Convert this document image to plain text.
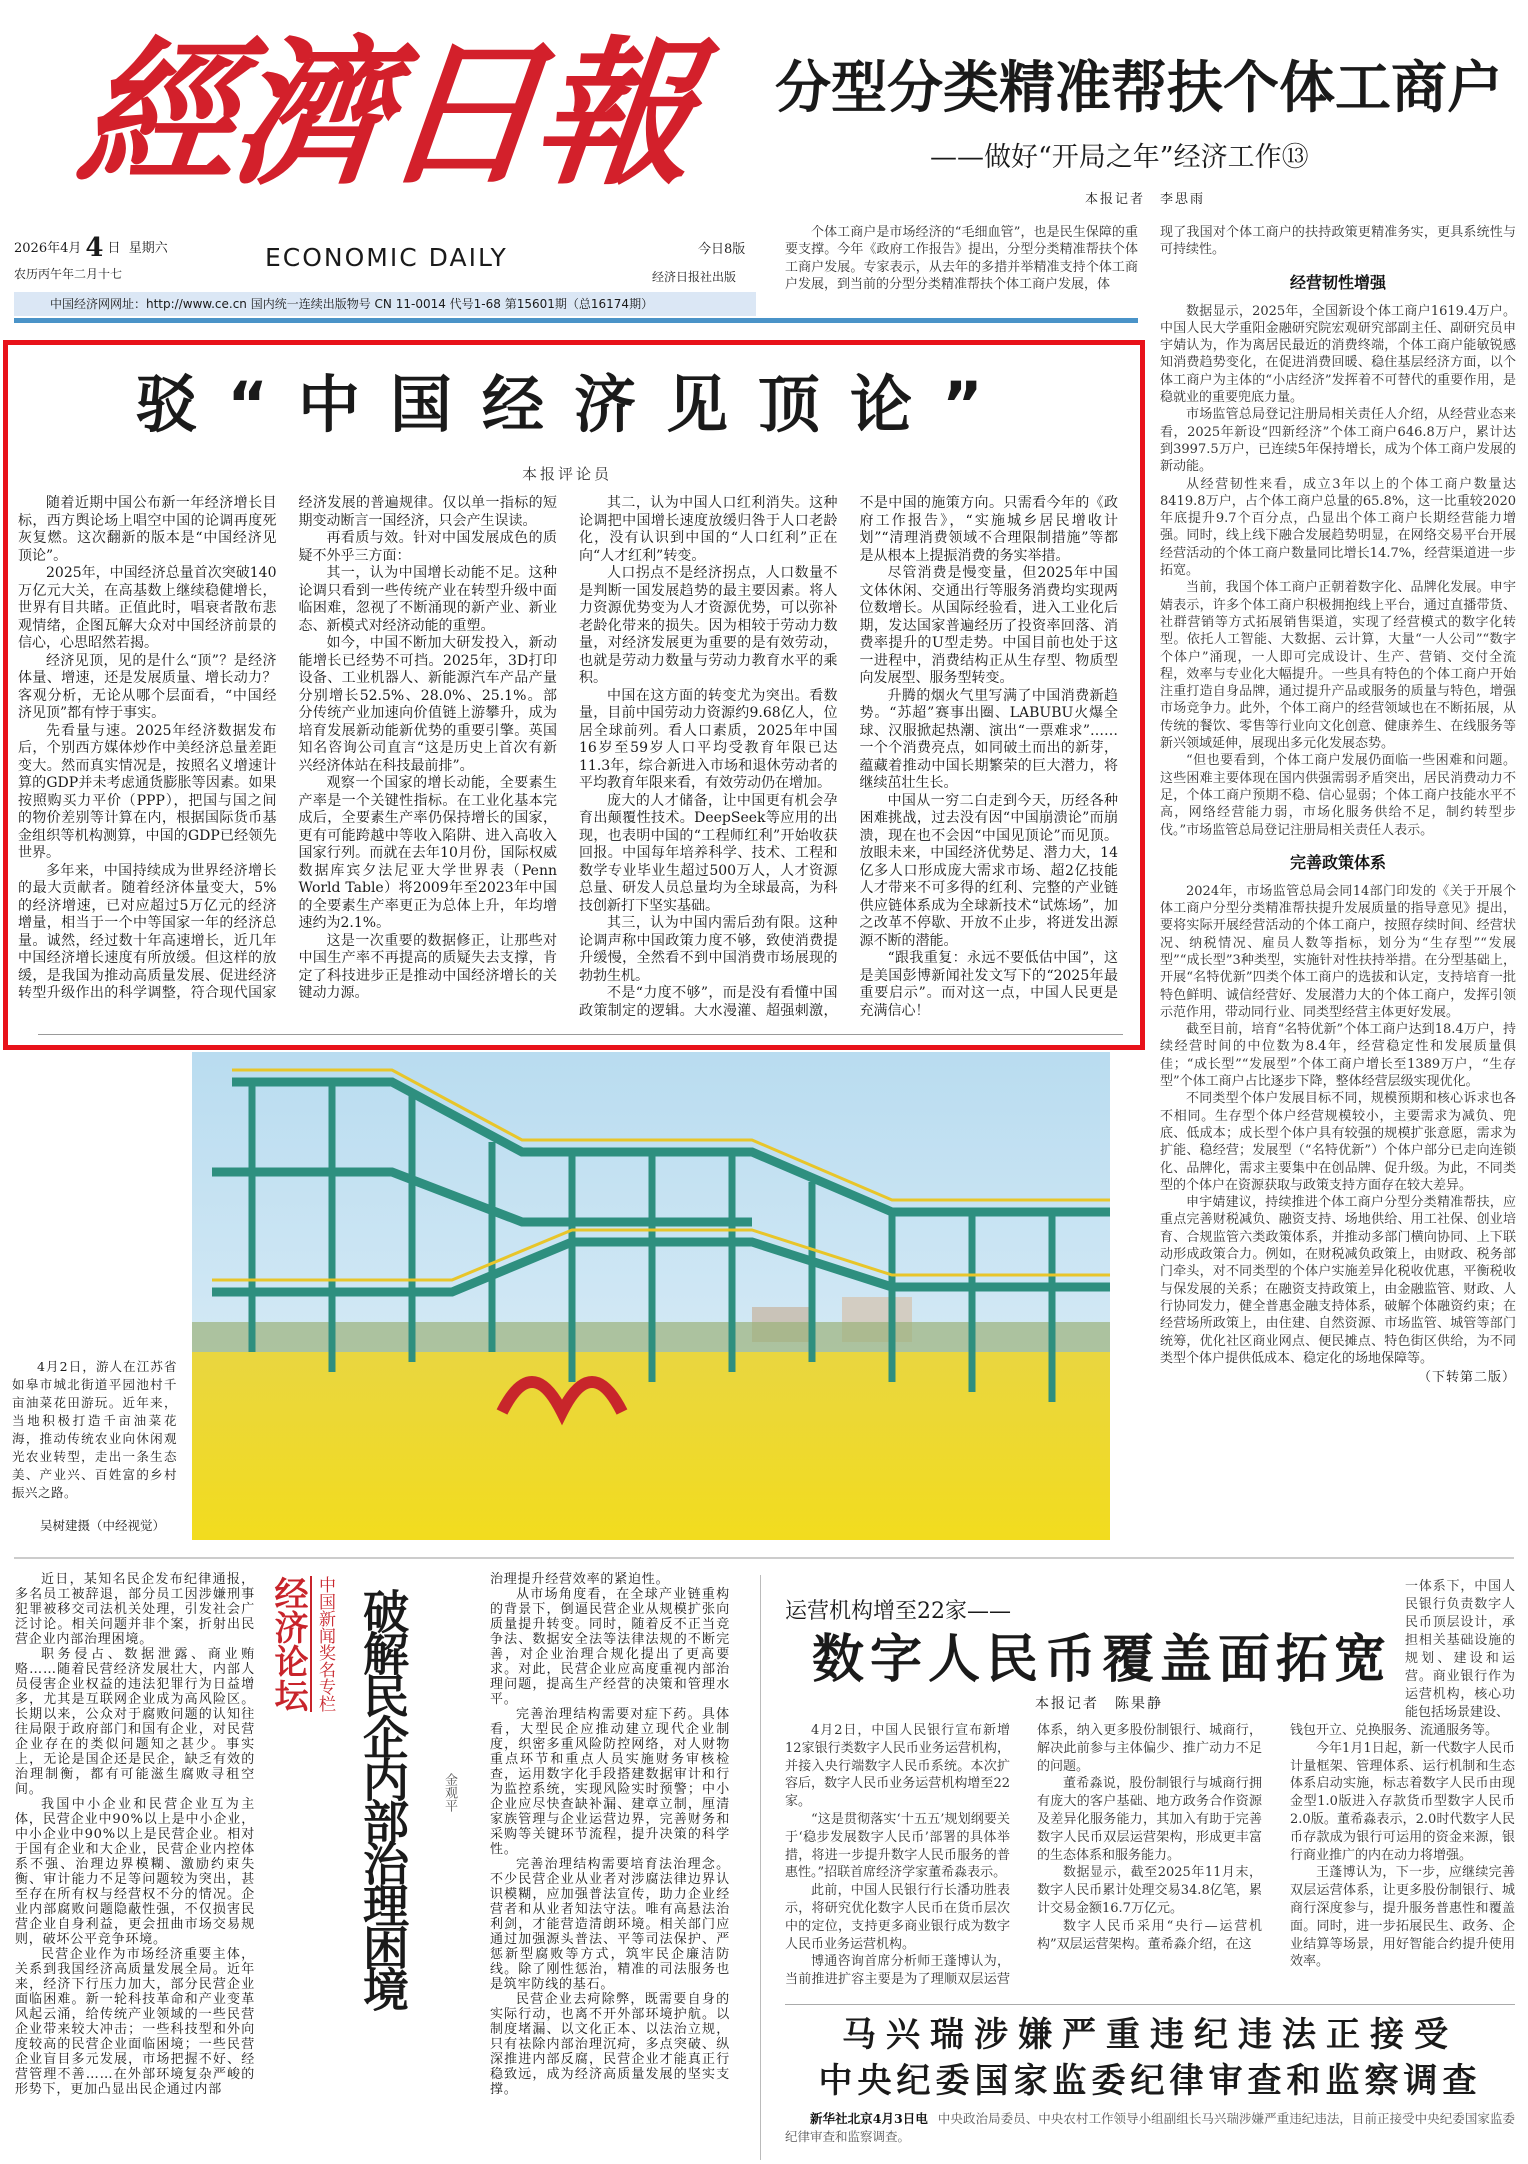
經濟日報
2026年4月 4 日 星期六
农历丙午年二月十七
ECONOMIC DAILY	今日8版
经济日报社出版
中国经济网网址：http://www.ce.cn 国内统一连续出版物号 CN 11-0014 代号1-68 第15601期（总16174期）
分型分类精准帮扶个体工商户
——做好“开局之年”经济工作⑬
本报记者　李思雨

个体工商户是市场经济的“毛细血管”，也是民生保障的重要支撑。今年《政府工作报告》提出，分型分类精准帮扶个体工商户发展。专家表示，从去年的多措并举精准支持个体工商户发展，到当前的分型分类精准帮扶个体工商户发展，体

现了我国对个体工商户的扶持政策更精准务实，更具系统性与可持续性。

经营韧性增强

数据显示，2025年，全国新设个体工商户1619.4万户。中国人民大学重阳金融研究院宏观研究部副主任、副研究员申宇婧认为，作为离居民最近的消费终端，个体工商户能敏锐感知消费趋势变化，在促进消费回暖、稳住基层经济方面，以个体工商户为主体的“小店经济”发挥着不可替代的重要作用，是稳就业的重要兜底力量。

市场监管总局登记注册局相关责任人介绍，从经营业态来看，2025年新设“四新经济”个体工商户646.8万户，累计达到3997.5万户，已连续5年保持增长，成为个体工商户发展的新动能。

从经营韧性来看，成立3年以上的个体工商户数量达8419.8万户，占个体工商户总量的65.8%，这一比重较2020年底提升9.7个百分点，凸显出个体工商户长期经营能力增强。同时，线上线下融合发展趋势明显，在网络交易平台开展经营活动的个体工商户数量同比增长14.7%，经营渠道进一步拓宽。

当前，我国个体工商户正朝着数字化、品牌化发展。申宇婧表示，许多个体工商户积极拥抱线上平台，通过直播带货、社群营销等方式拓展销售渠道，实现了经营模式的数字化转型。依托人工智能、大数据、云计算，大量“一人公司”“数字个体户”涌现，一人即可完成设计、生产、营销、交付全流程，效率与专业化大幅提升。一些具有特色的个体工商户开始注重打造自身品牌，通过提升产品或服务的质量与特色，增强市场竞争力。此外，个体工商户的经营领域也在不断拓展，从传统的餐饮、零售等行业向文化创意、健康养生、在线服务等新兴领域延伸，展现出多元化发展态势。

“但也要看到，个体工商户发展仍面临一些困难和问题。这些困难主要体现在国内供强需弱矛盾突出，居民消费动力不足，个体工商户预期不稳、信心显弱；个体工商户技能水平不高，网络经营能力弱，市场化服务供给不足，制约转型步伐。”市场监管总局登记注册局相关责任人表示。

完善政策体系

2024年，市场监管总局会同14部门印发的《关于开展个体工商户分型分类精准帮扶提升发展质量的指导意见》提出，要将实际开展经营活动的个体工商户，按照存续时间、经营状况、纳税情况、雇员人数等指标，划分为“生存型”“发展型”“成长型”3种类型，实施针对性扶持举措。在分型基础上，开展“名特优新”四类个体工商户的选拔和认定，支持培育一批特色鲜明、诚信经营好、发展潜力大的个体工商户，发挥引领示范作用，带动同行业、同类型经营主体更好发展。

截至目前，培育“名特优新”个体工商户达到18.4万户，持续经营时间的中位数为8.4年，经营稳定性和发展质量俱佳；“成长型”“发展型”个体工商户增长至1389万户，“生存型”个体工商户占比逐步下降，整体经营层级实现优化。

不同类型个体户发展目标不同，规模预期和核心诉求也各不相同。生存型个体户经营规模较小，主要需求为减负、兜底、低成本；成长型个体户具有较强的规模扩张意愿，需求为扩能、稳经营；发展型（“名特优新”）个体户部分已走向连锁化、品牌化，需求主要集中在创品牌、促升级。为此，不同类型的个体户在资源获取与政策支持方面存在较大差异。

申宇婧建议，持续推进个体工商户分型分类精准帮扶，应重点完善财税减负、融资支持、场地供给、用工社保、创业培育、合规监管六类政策体系，并推动多部门横向协同、上下联动形成政策合力。例如，在财税减负政策上，由财政、税务部门牵头，对不同类型的个体户实施差异化税收优惠，平衡税收与保发展的关系；在融资支持政策上，由金融监管、财政、人行协同发力，健全普惠金融支持体系，破解个体融资约束；在经营场所政策上，由住建、自然资源、市场监管、城管等部门统筹，优化社区商业网点、便民摊点、特色街区供给，为不同类型个体户提供低成本、稳定化的场地保障等。

（下转第二版）
驳“中国经济见顶论”
本报评论员

随着近期中国公布新一年经济增长目标，西方舆论场上唱空中国的论调再度死灰复燃。这次翻新的版本是“中国经济见顶论”。

2025年，中国经济总量首次突破140万亿元大关，在高基数上继续稳健增长，世界有目共睹。正值此时，唱衰者散布悲观情绪，企图瓦解大众对中国经济前景的信心，心思昭然若揭。

经济见顶，见的是什么“顶”？是经济体量、增速，还是发展质量、增长动力？客观分析，无论从哪个层面看，“中国经济见顶”都有悖于事实。

先看量与速。2025年经济数据发布后，个别西方媒体炒作中美经济总量差距变大。然而真实情况是，按照名义增速计算的GDP并未考虑通货膨胀等因素。如果按照购买力平价（PPP），把国与国之间的物价差别等计算在内，根据国际货币基金组织等机构测算，中国的GDP已经领先世界。

多年来，中国持续成为世界经济增长的最大贡献者。随着经济体量变大，5%的经济增速，已对应超过5万亿元的经济增量，相当于一个中等国家一年的经济总量。诚然，经过数十年高速增长，近几年中国经济增长速度有所放缓。但这样的放缓，是我国为推动高质量发展、促进经济转型升级作出的科学调整，符合现代国家经济发展的普遍规律。仅以单一指标的短期变动断言一国经济，只会产生误读。

再看质与效。针对中国发展成色的质疑不外乎三方面：

其一，认为中国增长动能不足。这种论调只看到一些传统产业在转型升级中面临困难，忽视了不断涌现的新产业、新业态、新模式对经济动能的重塑。

如今，中国不断加大研发投入，新动能增长已经势不可挡。2025年，3D打印设备、工业机器人、新能源汽车产品产量分别增长52.5%、28.0%、25.1%。部分传统产业加速向价值链上游攀升，成为培育发展新动能新优势的重要引擎。英国知名咨询公司直言“这是历史上首次有新兴经济体站在科技最前排”。

观察一个国家的增长动能，全要素生产率是一个关键性指标。在工业化基本完成后，全要素生产率仍保持增长的国家，更有可能跨越中等收入陷阱、进入高收入国家行列。而就在去年10月份，国际权威数据库宾夕法尼亚大学世界表（Penn World Table）将2009年至2023年中国的全要素生产率更正为总体上升，年均增速约为2.1%。

这是一次重要的数据修正，让那些对中国生产率不再提高的质疑失去支撑，肯定了科技进步正是推动中国经济增长的关键动力源。

其二，认为中国人口红利消失。这种论调把中国增长速度放缓归咎于人口老龄化，没有认识到中国的“人口红利”正在向“人才红利”转变。

人口拐点不是经济拐点，人口数量不是判断一国发展趋势的最主要因素。将人力资源优势变为人才资源优势，可以弥补老龄化带来的损失。因为相较于劳动力数量，对经济发展更为重要的是有效劳动，也就是劳动力数量与劳动力教育水平的乘积。

中国在这方面的转变尤为突出。看数量，目前中国劳动力资源约9.68亿人，位居全球前列。看人口素质，2025年中国16岁至59岁人口平均受教育年限已达11.3年，综合新进入市场和退休劳动者的平均教育年限来看，有效劳动仍在增加。

庞大的人才储备，让中国更有机会孕育出颠覆性技术。DeepSeek等应用的出现，也表明中国的“工程师红利”开始收获回报。中国每年培养科学、技术、工程和数学专业毕业生超过500万人，人才资源总量、研发人员总量均为全球最高，为科技创新打下坚实基础。

其三，认为中国内需后劲有限。这种论调声称中国政策力度不够，致使消费提升缓慢，全然看不到中国消费市场展现的勃勃生机。

不是“力度不够”，而是没有看懂中国政策制定的逻辑。大水漫灌、超强刺激，不是中国的施策方向。只需看今年的《政府工作报告》，“实施城乡居民增收计划”“清理消费领域不合理限制措施”等都是从根本上提振消费的务实举措。

尽管消费是慢变量，但2025年中国文体休闲、交通出行等服务消费均实现两位数增长。从国际经验看，进入工业化后期，发达国家普遍经历了投资率回落、消费率提升的U型走势。中国目前也处于这一进程中，消费结构正从生存型、物质型向发展型、服务型转变。

升腾的烟火气里写满了中国消费新趋势。“苏超”赛事出圈、LABUBU火爆全球、汉服掀起热潮、演出“一票难求”……一个个消费亮点，如同破土而出的新芽，蕴藏着推动中国长期繁荣的巨大潜力，将继续茁壮生长。

中国从一穷二白走到今天，历经各种困难挑战，过去没有因“中国崩溃论”而崩溃，现在也不会因“中国见顶论”而见顶。放眼未来，中国经济优势足、潜力大，14亿多人口形成庞大需求市场、超2亿技能人才带来不可多得的红利、完整的产业链供应链体系成为全球新技术“试炼场”，加之改革不停歇、开放不止步，将迸发出源源不断的潜能。

“跟我重复：永远不要低估中国”，这是美国彭博新闻社发文写下的“2025年最重要启示”。而对这一点，中国人民更是充满信心！

4月2日，游人在江苏省如皋市城北街道平园池村千亩油菜花田游玩。近年来，当地积极打造千亩油菜花海，推动传统农业向休闲观光农业转型，走出一条生态美、产业兴、百姓富的乡村振兴之路。

吴树建摄（中经视觉）

近日，某知名民企发布纪律通报，多名员工被辞退，部分员工因涉嫌刑事犯罪被移交司法机关处理，引发社会广泛讨论。相关问题并非个案，折射出民营企业内部治理困境。

职务侵占、数据泄露、商业贿赂……随着民营经济发展壮大，内部人员侵害企业权益的违法犯罪行为日益增多，尤其是互联网企业成为高风险区。长期以来，公众对于腐败问题的认知往往局限于政府部门和国有企业，对民营企业存在的类似问题知之甚少。事实上，无论是国企还是民企，缺乏有效的治理制衡，都有可能滋生腐败寻租空间。

我国中小企业和民营企业互为主体，民营企业中90%以上是中小企业，中小企业中90%以上是民营企业。相对于国有企业和大企业，民营企业内控体系不强、治理边界模糊、激励约束失衡、审计能力不足等问题较为突出，甚至存在所有权与经营权不分的情况。企业内部腐败问题隐蔽性强，不仅损害民营企业自身利益，更会扭曲市场交易规则，破坏公平竞争环境。

民营企业作为市场经济重要主体，关系到我国经济高质量发展全局。近年来，经济下行压力加大，部分民营企业面临困难。新一轮科技革命和产业变革风起云涌，给传统产业领域的一些民营企业带来较大冲击；一些科技型和外向度较高的民营企业面临困境；一些民营企业盲目多元发展，市场把握不好、经营管理不善……在外部环境复杂严峻的形势下，更加凸显出民企通过内部

经济论坛 中国新闻奖名专栏 破解民企内部治理困境 金观平

治理提升经营效率的紧迫性。

从市场角度看，在全球产业链重构的背景下，倒逼民营企业从规模扩张向质量提升转变。同时，随着反不正当竞争法、数据安全法等法律法规的不断完善，对企业治理合规化提出了更高要求。对此，民营企业应高度重视内部治理问题，提高生产经营的决策和管理水平。

完善治理结构需要对症下药。具体看，大型民企应推动建立现代企业制度，织密多重风险防控网络，对人财物重点环节和重点人员实施财务审核检查，运用数字化手段搭建数据审计和行为监控系统，实现风险实时预警；中小企业应尽快查缺补漏、建章立制，厘清家族管理与企业运营边界，完善财务和采购等关键环节流程，提升决策的科学性。

完善治理结构需要培育法治理念。不少民营企业从业者对涉腐法律边界认识模糊，应加强普法宣传，助力企业经营者和从业者知法守法。唯有高悬法治利剑，才能营造清朗环境。相关部门应通过加强源头普法、平等司法保护、严惩新型腐败等方式，筑牢民企廉洁防线。除了刚性惩治，精准的司法服务也是筑牢防线的基石。

民营企业去疴除弊，既需要自身的实际行动，也离不开外部环境护航。以制度堵漏、以文化正本、以法治立规，只有祛除内部治理沉疴，多点突破、纵深推进内部反腐，民营企业才能真正行稳致远，成为经济高质量发展的坚实支撑。

运营机构增至22家——
数字人民币覆盖面拓宽
本报记者　陈果静

4月2日，中国人民银行宣布新增12家银行类数字人民币业务运营机构，并接入央行端数字人民币系统。本次扩容后，数字人民币业务运营机构增至22家。

“这是贯彻落实‘十五五’规划纲要关于‘稳步发展数字人民币’部署的具体举措，将进一步提升数字人民币服务的普惠性。”招联首席经济学家董希淼表示。

此前，中国人民银行行长潘功胜表示，将研究优化数字人民币在货币层次中的定位，支持更多商业银行成为数字人民币业务运营机构。

博通咨询首席分析师王蓬博认为，当前推进扩容主要是为了理顺双层运营体系，纳入更多股份制银行、城商行，解决此前参与主体偏少、推广动力不足的问题。

董希淼说，股份制银行与城商行拥有庞大的客户基础、地方政务合作资源及差异化服务能力，其加入有助于完善数字人民币双层运营架构，形成更丰富的生态体系和服务能力。

数据显示，截至2025年11月末，数字人民币累计处理交易34.8亿笔，累计交易金额16.7万亿元。

数字人民币采用“央行—运营机构”双层运营架构。董希淼介绍，在这

一体系下，中国人民银行负责数字人民币顶层设计，承担相关基础设施的规划、建设和运营。商业银行作为运营机构，核心功能包括场景建设、

钱包开立、兑换服务、流通服务等。

今年1月1日起，新一代数字人民币计量框架、管理体系、运行机制和生态体系启动实施，标志着数字人民币由现金型1.0版进入存款货币型数字人民币2.0版。董希淼表示，2.0时代数字人民币存款成为银行可运用的资金来源，银行商业推广的内在动力将增强。

王蓬博认为，下一步，应继续完善双层运营体系，让更多股份制银行、城商行深度参与，提升服务普惠性和覆盖面。同时，进一步拓展民生、政务、企业结算等场景，用好智能合约提升使用效率。

马兴瑞涉嫌严重违纪违法正接受
中央纪委国家监委纪律审查和监察调查

新华社北京4月3日电 中央政治局委员、中央农村工作领导小组副组长马兴瑞涉嫌严重违纪违法，目前正接受中央纪委国家监委纪律审查和监察调查。
